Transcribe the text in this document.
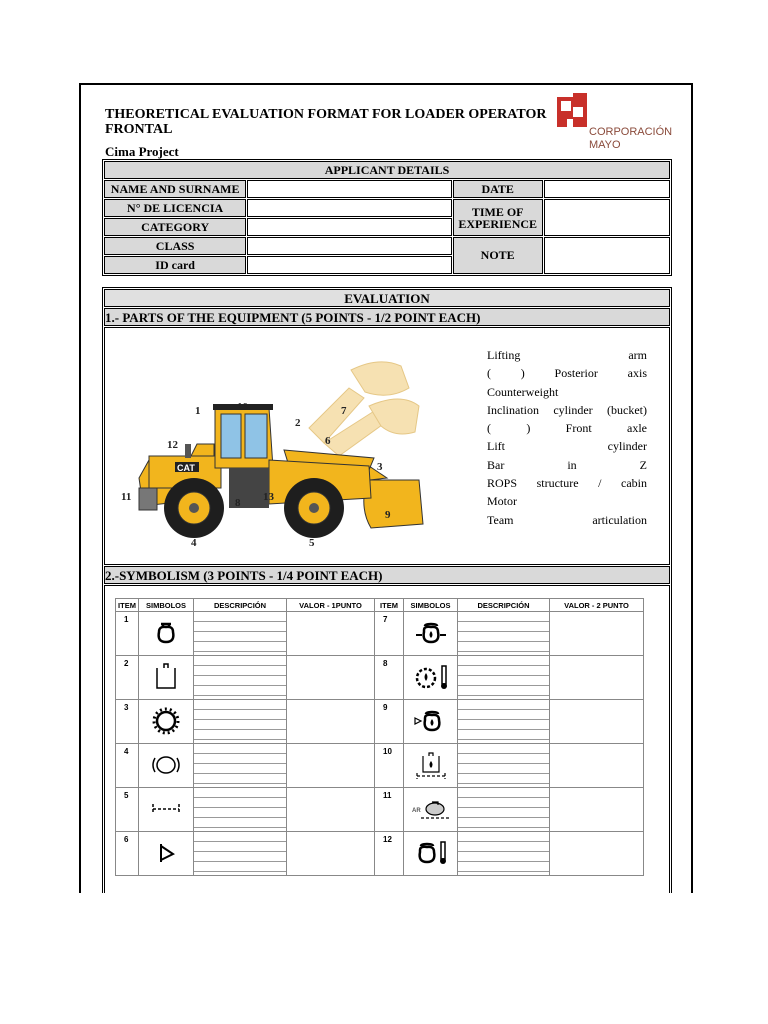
THEORETICAL EVALUATION FORMAT FOR LOADER OPERATOR FRONTAL
Cima Project
CORPORACIÓN MAYO
APPLICANT DETAILS			
NAME AND SURNAME		DATE	
N° DE LICENCIA		TIME OF EXPERIENCE	
CATEGORY			
CLASS		NOTE	
ID card			
EVALUATION
1.- PARTS OF THE EQUIPMENT (5 POINTS - 1/2 POINT EACH)
CAT
1
2
3
4	5
6
7
8
9
10
11
12
13
Lifting arm
( ) Posterior axis
Counterweight
Inclination cylinder (bucket)
( ) Front axle
Lift cylinder
Bar in Z
ROPS structure / cabin
Motor
Team articulation
2.-SYMBOLISM (3 POINTS - 1/4 POINT EACH)
ITEM	SIMBOLOS	DESCRIPCIÓN	VALOR - 1PUNTO	ITEM	SIMBOLOS	DESCRIPCIÓN	VALOR - 2 PUNTO
1				7		

2				8		

3				9		

4				10		

5				11	AR		

6				12		
